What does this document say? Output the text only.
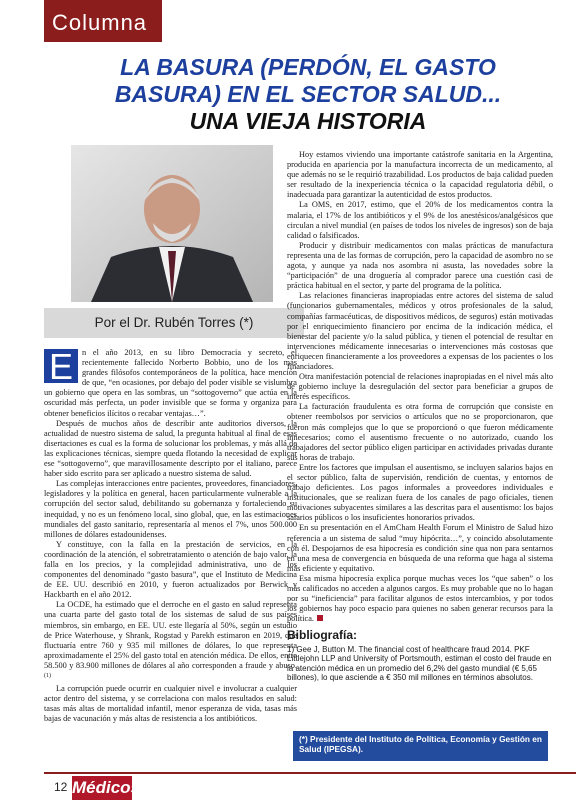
Columna
LA BASURA (PERDÓN, EL GASTO
BASURA) EN EL SECTOR SALUD...
UNA VIEJA HISTORIA
Por el Dr. Rubén Torres (*)

E	n el año 2013, en su libro Democracia y secreto, el recientemente fallecido Norberto Bobbio, uno de los más grandes filósofos contemporáneos de la política, hace mención de que, “en ocasiones, por debajo del poder visible se vislumbra un gobierno que opera en las sombras, un “sottogoverno” que actúa en la oscuridad más perfecta, un poder invisible que se forma y organiza para obtener beneficios ilícitos o recabar ventajas…”.

Después de muchos años de describir ante auditorios diversos, la actualidad de nuestro sistema de salud, la pregunta habitual al final de esas disertaciones es cual es la forma de solucionar los problemas, y más allá de las explicaciones técnicas, siempre queda flotando la necesidad de explicar ese “sottogoverno”, que maravillosamente descripto por el italiano, parece haber sido escrito para ser aplicado a nuestro sistema de salud.

Las complejas interacciones entre pacientes, proveedores, financiadores, legisladores y la política en general, hacen particularmente vulnerable a la corrupción del sector salud, debilitando su gobernanza y fortaleciendo su inequidad, y no es un fenómeno local, sino global, que, en las estimaciones mundiales del gasto sanitario, representaría al menos el 7%, unos 500.000 millones de dólares estadounidenses.

Y constituye, con la falla en la prestación de servicios, en la coordinación de la atención, el sobretratamiento o atención de bajo valor, la falla en los precios, y la complejidad administrativa, uno de los componentes del denominado “gasto basura”, que el Instituto de Medicina de EE. UU. describió en 2010, y fueron actualizados por Berwick y Hackbarth en el año 2012.

La OCDE, ha estimado que el derroche en el gasto en salud representa una cuarta parte del gasto total de los sistemas de salud de sus países miembros, sin embargo, en EE. UU. este llegaría al 50%, según un estudio de Price Waterhouse, y Shrank, Rogstad y Parekh estimaron en 2019, que fluctuaría entre 760 y 935 mil millones de dólares, lo que representa aproximadamente el 25% del gasto total en atención médica. De ellos, entre 58.500 y 83.900 millones de dólares al año corresponden a fraude y abuso. $^{(1)}$

La corrupción puede ocurrir en cualquier nivel e involucrar a cualquier actor dentro del sistema, y se correlaciona con malos resultados en salud: tasas más altas de mortalidad infantil, menor esperanza de vida, tasas más bajas de vacunación y más altas de resistencia a los antibióticos.

Hoy estamos viviendo una importante catástrofe sanitaria en la Argentina, producida en apariencia por la manufactura incorrecta de un medicamento, al que además no se le requirió trazabilidad. Los productos de baja calidad pueden ser resultado de la inexperiencia técnica o la capacidad regulatoria débil, o inadecuada para garantizar la autenticidad de estos productos.

La OMS, en 2017, estimo, que el 20% de los medicamentos contra la malaria, el 17% de los antibióticos y el 9% de los anestésicos/analgésicos que circulan a nivel mundial (en países de todos los niveles de ingresos) son de baja calidad o falsificados.

Producir y distribuir medicamentos con malas prácticas de manufactura representa una de las formas de corrupción, pero la capacidad de asombro no se agota, y aunque ya nada nos asombra ni asusta, las novedades sobre la “participación” de una droguería al comprador parece una cuestión casi de práctica habitual en el sector, y parte del programa de la política.

Las relaciones financieras inapropiadas entre actores del sistema de salud (funcionarios gubernamentales, médicos y otros profesionales de la salud, compañías farmacéuticas, de dispositivos médicos, de seguros) están motivadas por el enriquecimiento financiero por encima de la indicación médica, el bienestar del paciente y/o la salud pública, y tienen el potencial de resultar en intervenciones médicamente innecesarias o intervenciones más costosas que enriquecen financieramente a los proveedores a expensas de los pacientes o los financiadores.

Otra manifestación potencial de relaciones inapropiadas en el nivel más alto de gobierno incluye la desregulación del sector para beneficiar a grupos de interés específicos.

La facturación fraudulenta es otra forma de corrupción que consiste en obtener reembolsos por servicios o artículos que no se proporcionaron, que fueron más complejos que lo que se proporcionó o que fueron médicamente innecesarios; como el ausentismo frecuente o no autorizado, cuando los trabajadores del sector público eligen participar en actividades privadas durante sus horas de trabajo.

Entre los factores que impulsan el ausentismo, se incluyen salarios bajos en el sector público, falta de supervisión, rendición de cuentas, y entornos de trabajo deficientes. Los pagos informales a proveedores individuales e institucionales, que se realizan fuera de los canales de pago oficiales, tienen motivaciones subyacentes similares a las descritas para el ausentismo: los bajos salarios públicos o los insuficientes honorarios privados.

En su presentación en el AmCham Health Forum el Ministro de Salud hizo referencia a un sistema de salud “muy hipócrita…”, y coincido absolutamente con él. Despojarnos de esa hipocresía es condición sine qua non para sentarnos en una mesa de convergencia en búsqueda de una reforma que haga al sistema más eficiente y equitativo.

Esa misma hipocresía explica porque muchas veces los “que saben” o los más calificados no acceden a algunos cargos. Es muy probable que no lo hagan por su “ineficiencia” para facilitar algunos de estos intercambios, y por todos los gobiernos hay poco espacio para quienes no saben generar recursos para la política.

Bibliografía:
1) Gee J, Button M. The financial cost of healthcare fraud 2014. PKF Littlejohn LLP and University of Portsmouth, estiman el costo del fraude en la atención médica en un promedio del 6,2% del gasto mundial (€ 5,65 billones), lo que asciende a € 350 mil millones en términos absolutos.
(*) Presidente del Instituto de Política, Economía y Gestión en Salud (IPEGSA).
12 Médicos
